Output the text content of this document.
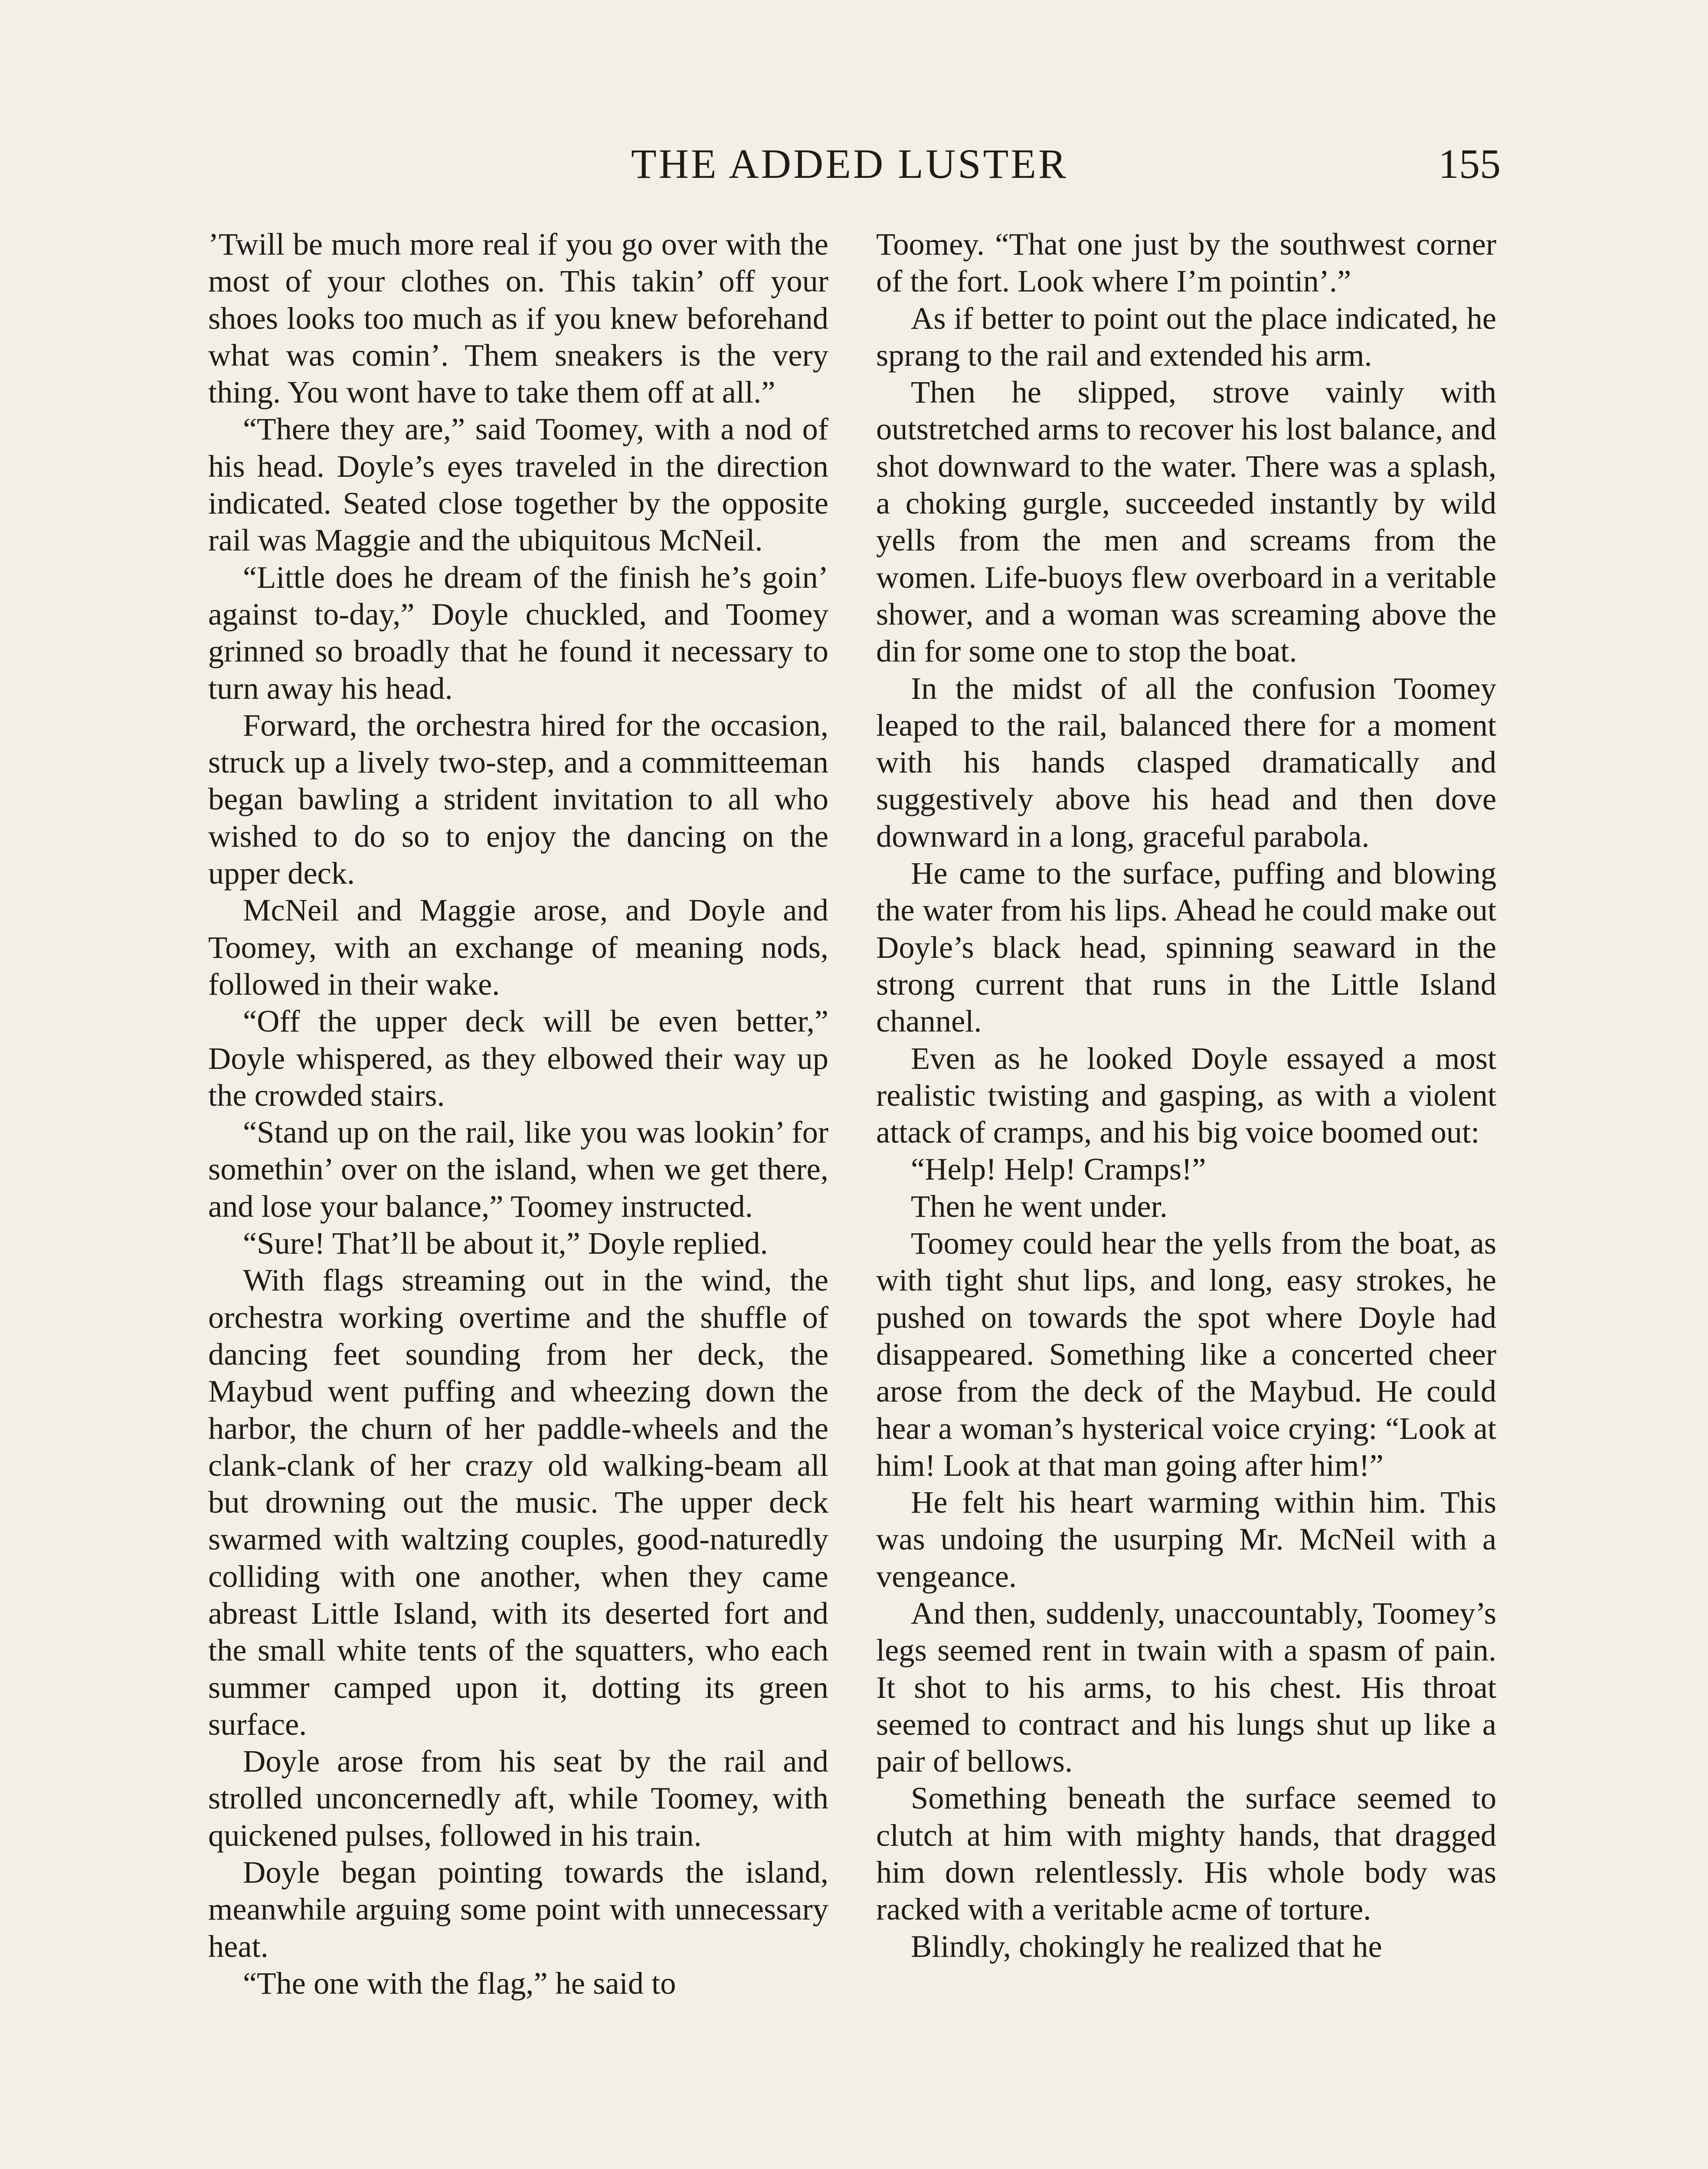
THE ADDED LUSTER	155

’Twill be much more real if you go over with the most of your clothes on. This takin’ off your shoes looks too much as if you knew beforehand what was comin’. Them sneakers is the very thing. You wont have to take them off at all.”

“There they are,” said Toomey, with a nod of his head. Doyle’s eyes traveled in the direction indicated. Seated close together by the opposite rail was Maggie and the ubiquitous McNeil.

“Little does he dream of the finish he’s goin’ against to-day,” Doyle chuckled, and Toomey grinned so broadly that he found it necessary to turn away his head.

Forward, the orchestra hired for the occasion, struck up a lively two-step, and a committeeman began bawling a strident invitation to all who wished to do so to enjoy the dancing on the upper deck.

McNeil and Maggie arose, and Doyle and Toomey, with an exchange of meaning nods, followed in their wake.

“Off the upper deck will be even better,” Doyle whispered, as they elbowed their way up the crowded stairs.

“Stand up on the rail, like you was lookin’ for somethin’ over on the island, when we get there, and lose your balance,” Toomey instructed.

“Sure! That’ll be about it,” Doyle replied.

With flags streaming out in the wind, the orchestra working overtime and the shuffle of dancing feet sounding from her deck, the Maybud went puffing and wheezing down the harbor, the churn of her paddle-wheels and the clank-clank of her crazy old walking-beam all but drowning out the music. The upper deck swarmed with waltzing couples, good-naturedly colliding with one another, when they came abreast Little Island, with its deserted fort and the small white tents of the squatters, who each summer camped upon it, dotting its green surface.

Doyle arose from his seat by the rail and strolled unconcernedly aft, while Toomey, with quickened pulses, followed in his train.

Doyle began pointing towards the island, meanwhile arguing some point with unnecessary heat.

“The one with the flag,” he said to

Toomey. “That one just by the southwest corner of the fort. Look where I’m pointin’.”

As if better to point out the place indicated, he sprang to the rail and extended his arm.

Then he slipped, strove vainly with outstretched arms to recover his lost balance, and shot downward to the water. There was a splash, a choking gurgle, succeeded instantly by wild yells from the men and screams from the women. Life-buoys flew overboard in a veritable shower, and a woman was screaming above the din for some one to stop the boat.

In the midst of all the confusion Toomey leaped to the rail, balanced there for a moment with his hands clasped dramatically and suggestively above his head and then dove downward in a long, graceful parabola.

He came to the surface, puffing and blowing the water from his lips. Ahead he could make out Doyle’s black head, spinning seaward in the strong current that runs in the Little Island channel.

Even as he looked Doyle essayed a most realistic twisting and gasping, as with a violent attack of cramps, and his big voice boomed out:

“Help! Help! Cramps!”

Then he went under.

Toomey could hear the yells from the boat, as with tight shut lips, and long, easy strokes, he pushed on towards the spot where Doyle had disappeared. Something like a concerted cheer arose from the deck of the Maybud. He could hear a woman’s hysterical voice crying: “Look at him! Look at that man going after him!”

He felt his heart warming within him. This was undoing the usurping Mr. McNeil with a vengeance.

And then, suddenly, unaccountably, Toomey’s legs seemed rent in twain with a spasm of pain. It shot to his arms, to his chest. His throat seemed to contract and his lungs shut up like a pair of bellows.

Something beneath the surface seemed to clutch at him with mighty hands, that dragged him down relentlessly. His whole body was racked with a veritable acme of torture.

Blindly, chokingly he realized that he
